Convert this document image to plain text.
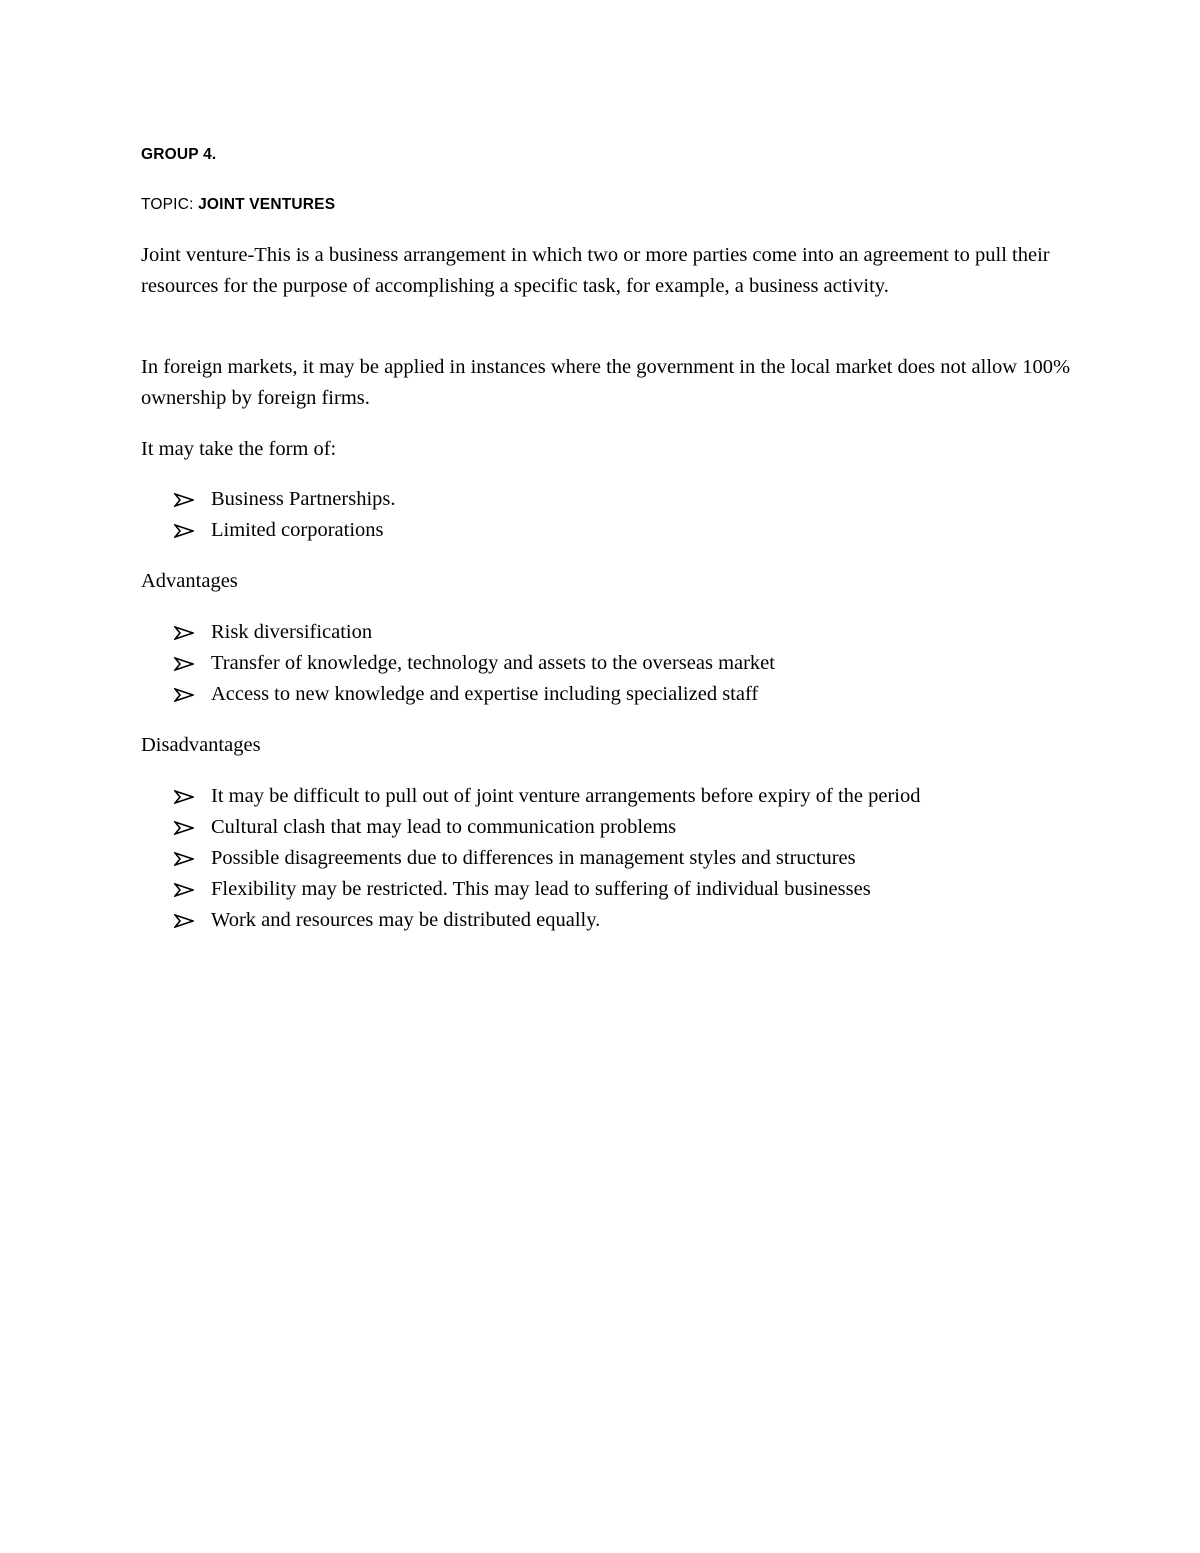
GROUP 4.
TOPIC: JOINT VENTURES

Joint venture-This is a business arrangement in which two or more parties come into an agreement to pull their resources for the purpose of accomplishing a specific task, for example, a business activity.

In foreign markets, it may be applied in instances where the government in the local market does not allow 100% ownership by foreign firms.

It may take the form of:

Business Partnerships.
Limited corporations

Advantages

Risk diversification
Transfer of knowledge, technology and assets to the overseas market
Access to new knowledge and expertise including specialized staff

Disadvantages

It may be difficult to pull out of joint venture arrangements before expiry of the period
Cultural clash that may lead to communication problems
Possible disagreements due to differences in management styles and structures
Flexibility may be restricted. This may lead to suffering of individual businesses
Work and resources may be distributed equally.
